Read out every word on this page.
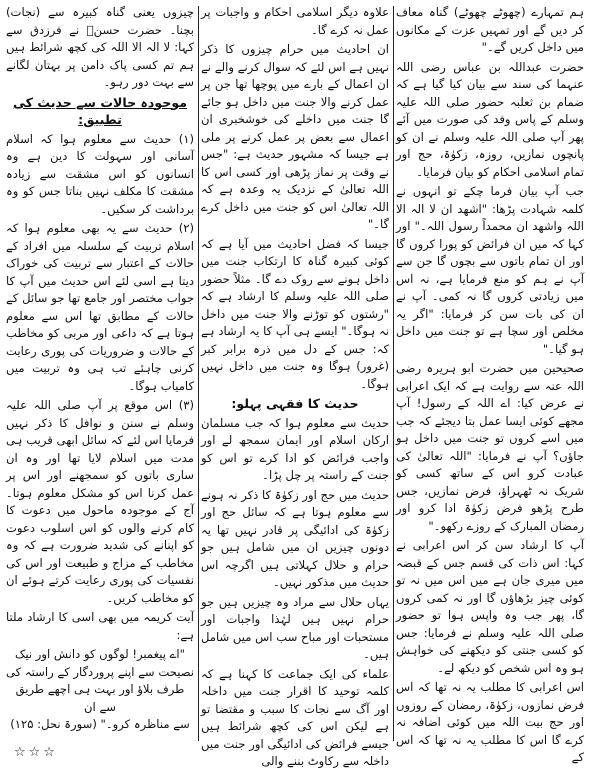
ہم تمہارے (چھوٹے چھوٹے) گناہ معاف کر دیں گے اور تمہیں عزت کے مکانوں میں داخل کریں گے۔"

حضرت عبداللہ بن عباس رضی اللہ عنہما کی سند سے بیان کیا گیا ہے کہ ضمام بن ثعلبہ حضور صلی اللہ علیہ وسلم کے پاس وفد کی صورت میں آئے پھر آپ صلی اللہ علیہ وسلم نے ان کو پانچوں نمازیں، روزہ، زکوٰۃ، حج اور تمام اسلامی احکام کو بیان فرمایا۔

جب آپ بیان فرما چکے تو انہوں نے کلمہ شہادت پڑھا: "اشھد ان لا الہ الا اللہ واشھد ان محمداً رسول اللہ۔" اور کہا کہ میں ان فرائض کو پورا کروں گا اور ان تمام باتوں سے بچوں گا جن سے آپ نے ہم کو منع فرمایا ہے، نہ اس میں زیادتی کروں گا نہ کمی۔ آپ نے ان کی بات سن کر فرمایا: "اگر یہ مخلص اور سچا ہے تو جنت میں داخل ہو گیا۔"

صحیحین میں حضرت ابو ہریرہ رضی اللہ عنہ سے روایت ہے کہ ایک اعرابی نے عرض کیا: اے اللہ کے رسول! آپ مجھے کوئی ایسا عمل بتا دیجئے کہ جب میں اسے کروں تو جنت میں داخل ہو جاؤں؟ آپ نے فرمایا: "اللہ تعالیٰ کی عبادت کرو اس کے ساتھ کسی کو شریک نہ ٹھہراؤ، فرض نمازیں، جس طرح پڑھو فرض زکوٰۃ ادا کرو اور رمضان المبارک کے روزے رکھو۔"

آپ کا ارشاد سن کر اس اعرابی نے کہا: اس ذات کی قسم جس کے قبضہ میں میری جان ہے میں اس میں نہ تو کوئی چیز بڑھاؤں گا اور نہ کمی کروں گا، پھر جب وہ واپس ہوا تو حضور صلی اللہ علیہ وسلم نے فرمایا: جس کو کسی جنتی کو دیکھنے کی خواہش ہو وہ اس شخص کو دیکھ لے۔

اس اعرابی کا مطلب یہ نہ تھا کہ اس فرض نمازوں، زکوٰۃ، رمضان کے روزوں اور حج بیت اللہ میں کوئی اضافہ نہ کرے گا اس کا مطلب یہ نہ تھا کہ اس کے

علاوہ دیگر اسلامی احکام و واجبات پر عمل نہ کرے گا۔

ان احادیث میں حرام چیزوں کا ذکر نہیں ہے اس لئے کہ سوال کرنے والے نے ان اعمال کے بارے میں پوچھا تھا جن پر عمل کرنے والا جنت میں داخل ہو جائے گا جنت میں داخلے کی خوشخبری ان اعمال سے بعض پر عمل کرنے پر ملی ہے جیسا کہ مشہور حدیث ہے: "جس نے وقت پر نماز پڑھی اور کسی اس کا اللہ تعالیٰ کے نزدیک یہ وعدہ ہے کہ اللہ تعالیٰ اس کو جنت میں داخل کرے گا۔"

جیسا کہ فضل احادیث میں آیا ہے کہ کوئی کبیرہ گناہ کا ارتکاب جنت میں داخل ہونے سے روک دے گا۔ مثلاً حضور صلی اللہ علیہ وسلم کا ارشاد ہے کہ "رشتوں کو توڑنے والا جنت میں داخل نہ ہوگا۔" ایسے ہی آپ کا یہ ارشاد ہے کہ: جس کے دل میں ذرہ برابر کبر (غرور) ہوگا وہ جنت میں داخل نہیں ہوگا۔

حدیث کا فقہی پہلو:

حدیث سے معلوم ہوا کہ جب مسلمان ارکان اسلام اور ایمان سمجھ لے اور واجب فرائض کو ادا کرے تو اس کو جنت کے راستہ پر چل پڑا۔

حدیث میں حج اور زکوٰۃ کا ذکر نہ ہونے سے معلوم ہوتا ہے کہ سائل حج اور زکوٰۃ کی ادائیگی پر قادر نہیں تھا یہ دونوں چیزیں ان میں شامل ہیں جو حرام و حلال کہلاتی ہیں اگرچہ اس حدیث میں مذکور نہیں۔

یہاں حلال سے مراد وہ چیزیں ہیں جو حرام نہیں ہیں لہٰذا واجبات اور مستحبات اور مباح سب اس میں شامل ہیں۔

علماء کی ایک جماعت کا کہنا ہے کہ کلمہ توحید کا اقرار جنت میں داخلہ اور آگ سے نجات کا سبب و مقتضا تو ہے لیکن اس کی کچھ شرائط ہیں جیسے فرائض کی ادائیگی اور جنت میں داخلہ سے رکاوٹ بننے والی

چیزوں یعنی گناہ کبیرہ سے (نجات) بچنا۔ حضرت حسنؓ نے فرزدق سے کہا: لا الہ الا اللہ کی کچھ شرائط ہیں ہم تم کسی پاک دامن پر بہتان لگانے سے بہت دور رہو۔

موجودہ حالات سے حدیث کی تطبیق:

(۱) حدیث سے معلوم ہوا کہ اسلام آسانی اور سہولت کا دین ہے وہ انسانوں کو اس مشقت سے زیادہ مشقت کا مکلف نہیں بناتا جس کو وہ برداشت کر سکیں۔

(۲) حدیث سے یہ بھی معلوم ہوا کہ اسلام تربیت کے سلسلہ میں افراد کے حالات کے اعتبار سے تربیت کی خوراک دیتا ہے اسی لئے اس حدیث میں آپ کا جواب مختصر اور جامع تھا جو سائل کے حالات کے مطابق تھا اس سے معلوم ہوتا ہے کہ داعی اور مربی کو مخاطب کے حالات و ضروریات کی پوری رعایت کرنی چاہئے تب ہی وہ تربیت میں کامیاب ہوگا۔

(۳) اس موقع پر آپ صلی اللہ علیہ وسلم نے سنن و نوافل کا ذکر نہیں فرمایا اس لئے کہ سائل ابھی قریب ہی مدت میں اسلام لایا تھا اور وہ ان ساری باتوں کو سمجھنے اور اس پر عمل کرنا اس کو مشکل معلوم ہوتا۔ آج کے موجودہ ماحول میں دعوت کا کام کرنے والوں کو اس اسلوب دعوت کو اپنانے کی شدید ضرورت ہے کہ وہ مخاطب کے مزاج و طبیعت اور اس کی نفسیات کی پوری رعایت کرتے ہوئے ان کو مخاطب کریں۔

آیت کریمہ میں بھی اسی کا ارشاد ملتا ہے:

"اے پیغمبر! لوگوں کو دانش اور نیک
نصیحت سے اپنے پروردگار کے راستہ کی
طرف بلاؤ اور بہت ہی اچھے طریق سے ان
سے مناظرہ کرو۔" (سورۃ نحل: ۱۲۵)
☆☆☆
